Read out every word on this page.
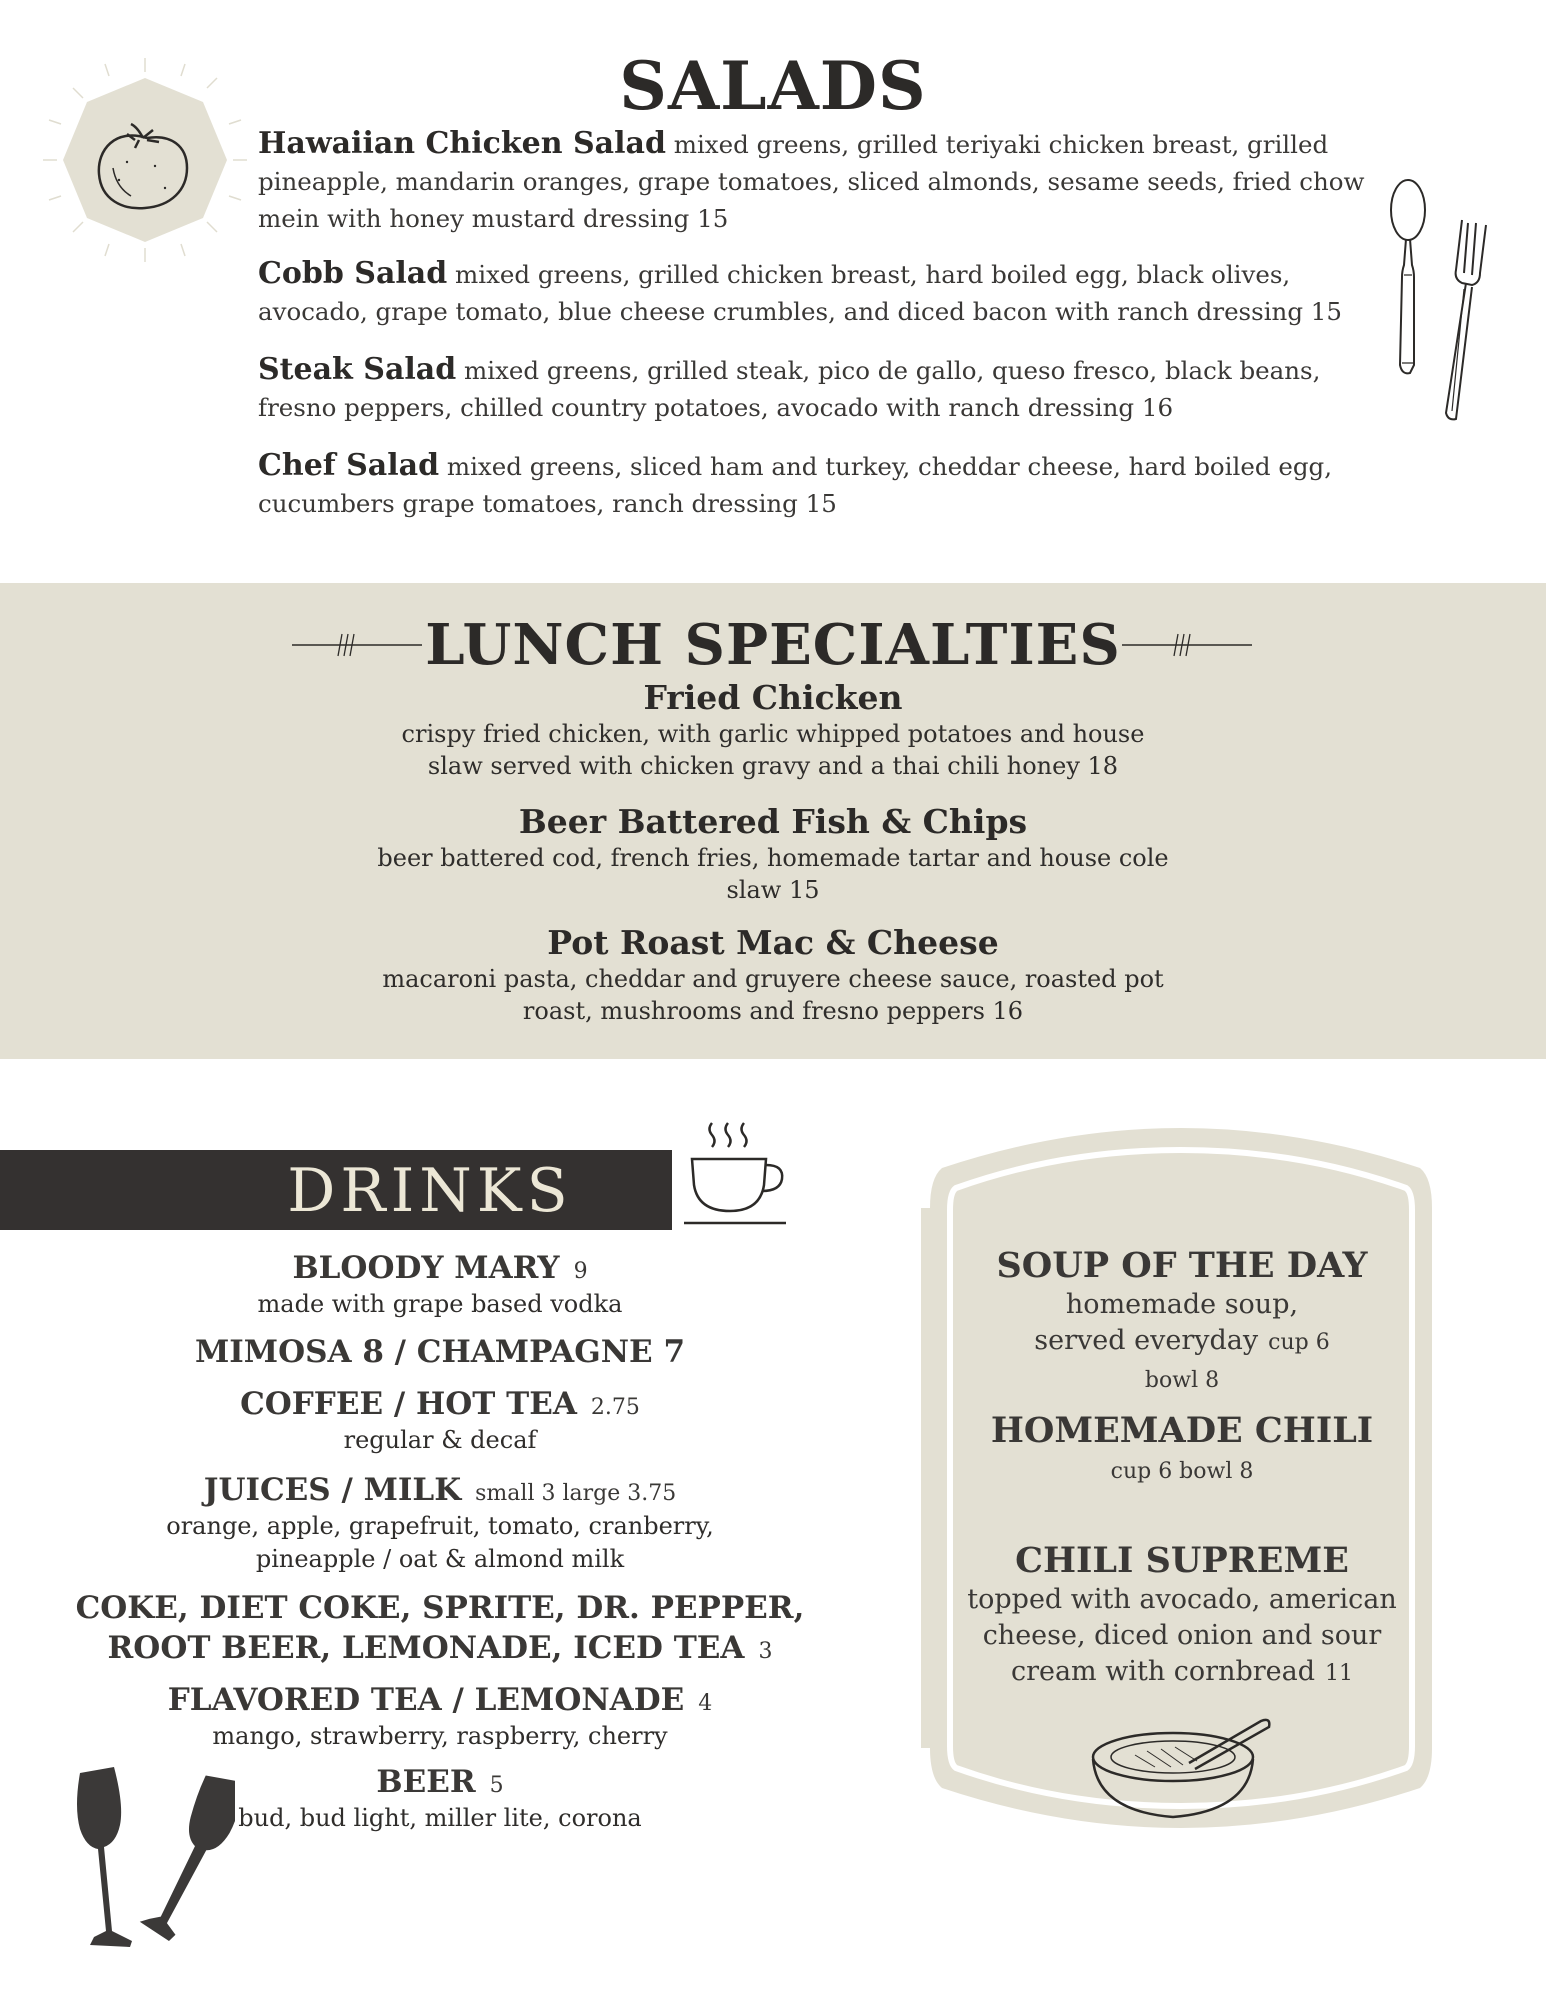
SALADS
Hawaiian Chicken Salad mixed greens, grilled teriyaki chicken breast, grilled pineapple, mandarin oranges, grape tomatoes, sliced almonds, sesame seeds, fried chow mein with honey mustard dressing 15
Cobb Salad mixed greens, grilled chicken breast, hard boiled egg, black olives, avocado, grape tomato, blue cheese crumbles, and diced bacon with ranch dressing 15
Steak Salad mixed greens, grilled steak, pico de gallo, queso fresco, black beans, fresno peppers, chilled country potatoes, avocado with ranch dressing 16
Chef Salad mixed greens, sliced ham and turkey, cheddar cheese, hard boiled egg, cucumbers grape tomatoes, ranch dressing 15
LUNCH SPECIALTIES
Fried Chicken
crispy fried chicken, with garlic whipped potatoes and house slaw served with chicken gravy and a thai chili honey 18
Beer Battered Fish & Chips
beer battered cod, french fries, homemade tartar and house cole slaw 15
Pot Roast Mac & Cheese
macaroni pasta, cheddar and gruyere cheese sauce, roasted pot roast, mushrooms and fresno peppers 16
DRINKS
BLOODY MARY 9
made with grape based vodka
MIMOSA 8 / CHAMPAGNE 7
COFFEE / HOT TEA 2.75
regular & decaf
JUICES / MILK small 3 large 3.75
orange, apple, grapefruit, tomato, cranberry, pineapple / oat & almond milk
COKE, DIET COKE, SPRITE, DR. PEPPER, ROOT BEER, LEMONADE, ICED TEA 3
FLAVORED TEA / LEMONADE 4
mango, strawberry, raspberry, cherry
BEER 5
bud, bud light, miller lite, corona
SOUP OF THE DAY
homemade soup, served everyday cup 6 bowl 8
HOMEMADE CHILI
cup 6 bowl 8
CHILI SUPREME
topped with avocado, american cheese, diced onion and sour cream with cornbread 11
